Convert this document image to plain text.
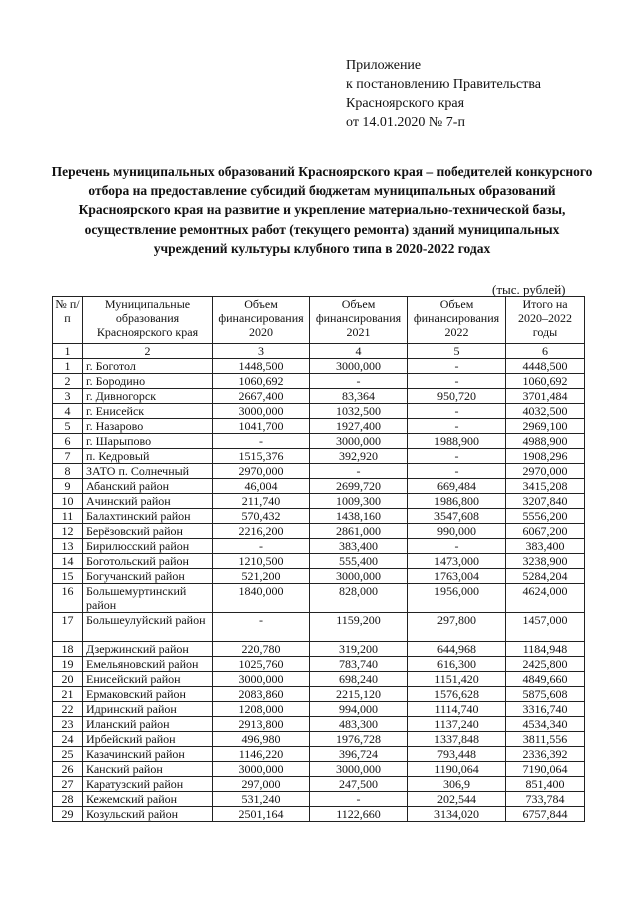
Приложение
к постановлению Правительства
Красноярского края
от 14.01.2020 № 7-п
Перечень муниципальных образований Красноярского края – победителей конкурсного отбора на предоставление субсидий бюджетам муниципальных образований Красноярского края на развитие и укрепление материально-технической базы, осуществление ремонтных работ (текущего ремонта) зданий муниципальных учреждений культуры клубного типа в 2020-2022 годах
(тыс. рублей)
№ п/п	Муниципальные образования Красноярского края	Объем финансирования 2020	Объем финансирования 2021	Объем финансирования 2022	Итого на 2020–2022 годы
1	2	3	4	5	6
1	г. Боготол	1448,500	3000,000	-	4448,500
2	г. Бородино	1060,692	-	-	1060,692
3	г. Дивногорск	2667,400	83,364	950,720	3701,484
4	г. Енисейск	3000,000	1032,500	-	4032,500
5	г. Назарово	1041,700	1927,400	-	2969,100
6	г. Шарыпово	-	3000,000	1988,900	4988,900
7	п. Кедровый	1515,376	392,920	-	1908,296
8	ЗАТО п. Солнечный	2970,000	-	-	2970,000
9	Абанский район	46,004	2699,720	669,484	3415,208
10	Ачинский район	211,740	1009,300	1986,800	3207,840
11	Балахтинский район	570,432	1438,160	3547,608	5556,200
12	Берёзовский район	2216,200	2861,000	990,000	6067,200
13	Бирилюсский район	-	383,400	-	383,400
14	Боготольский район	1210,500	555,400	1473,000	3238,900
15	Богучанский район	521,200	3000,000	1763,004	5284,204
16	Большемуртинский район	1840,000	828,000	1956,000	4624,000
17	Большеулуйский район	-	1159,200	297,800	1457,000
18	Дзержинский район	220,780	319,200	644,968	1184,948
19	Емельяновский район	1025,760	783,740	616,300	2425,800
20	Енисейский район	3000,000	698,240	1151,420	4849,660
21	Ермаковский район	2083,860	2215,120	1576,628	5875,608
22	Идринский район	1208,000	994,000	1114,740	3316,740
23	Иланский район	2913,800	483,300	1137,240	4534,340
24	Ирбейский район	496,980	1976,728	1337,848	3811,556
25	Казачинский район	1146,220	396,724	793,448	2336,392
26	Канский район	3000,000	3000,000	1190,064	7190,064
27	Каратузский район	297,000	247,500	306,9	851,400
28	Кежемский район	531,240	-	202,544	733,784
29	Козульский район	2501,164	1122,660	3134,020	6757,844
